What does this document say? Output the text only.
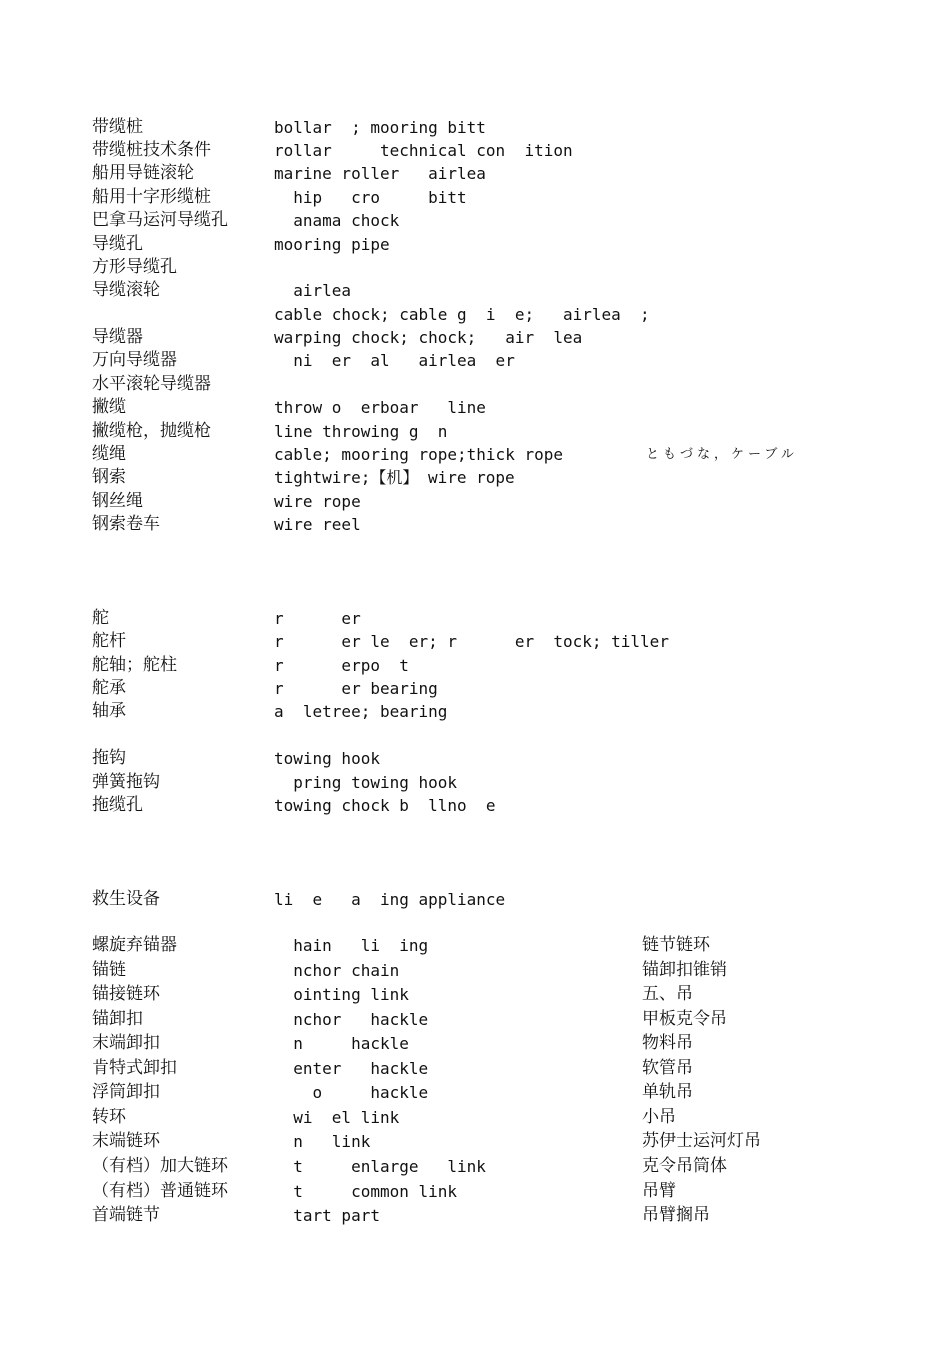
带缆桩	bollar  ; mooring bitt
带缆桩技术条件	rollar     technical con  ition
船用导链滚轮	marine roller   airlea
船用十字形缆桩	hip   cro     bitt
巴拿马运河导缆孔	anama chock
导缆孔	mooring pipe
方形导缆孔
导缆滚轮	airlea
cable chock; cable g  i  e;   airlea  ;
导缆器	warping chock; chock;   air  lea
万向导缆器	ni  er  al   airlea  er
水平滚轮导缆器
撇缆	throw o  erboar   line
撇缆枪，抛缆枪	line throwing g  n
缆绳	cable; mooring rope;thick rope	ともづな，ケーブル
钢索	tightwire;【机】 wire rope
钢丝绳	wire rope
钢索卷车	wire reel
舵	r      er
舵杆	r      er le  er; r      er  tock; tiller
舵轴；舵柱	r      erpo  t
舵承	r      er bearing
轴承	a  letree; bearing
拖钩	towing hook
弹簧拖钩	pring towing hook
拖缆孔	towing chock b  llno  e
救生设备	li  e   a  ing appliance
螺旋弃锚器	hain   li  ing	链节链环
锚链	nchor chain	锚卸扣锥销
锚接链环	ointing link	五、吊
锚卸扣	nchor   hackle	甲板克令吊
末端卸扣	n     hackle	物料吊
肯特式卸扣	enter   hackle	软管吊
浮筒卸扣	o     hackle	单轨吊
转环	wi  el link	小吊
末端链环	n   link	苏伊士运河灯吊
（有档）加大链环	t     enlarge   link	克令吊筒体
（有档）普通链环	t     common link	吊臂
首端链节	tart part	吊臂搁吊
